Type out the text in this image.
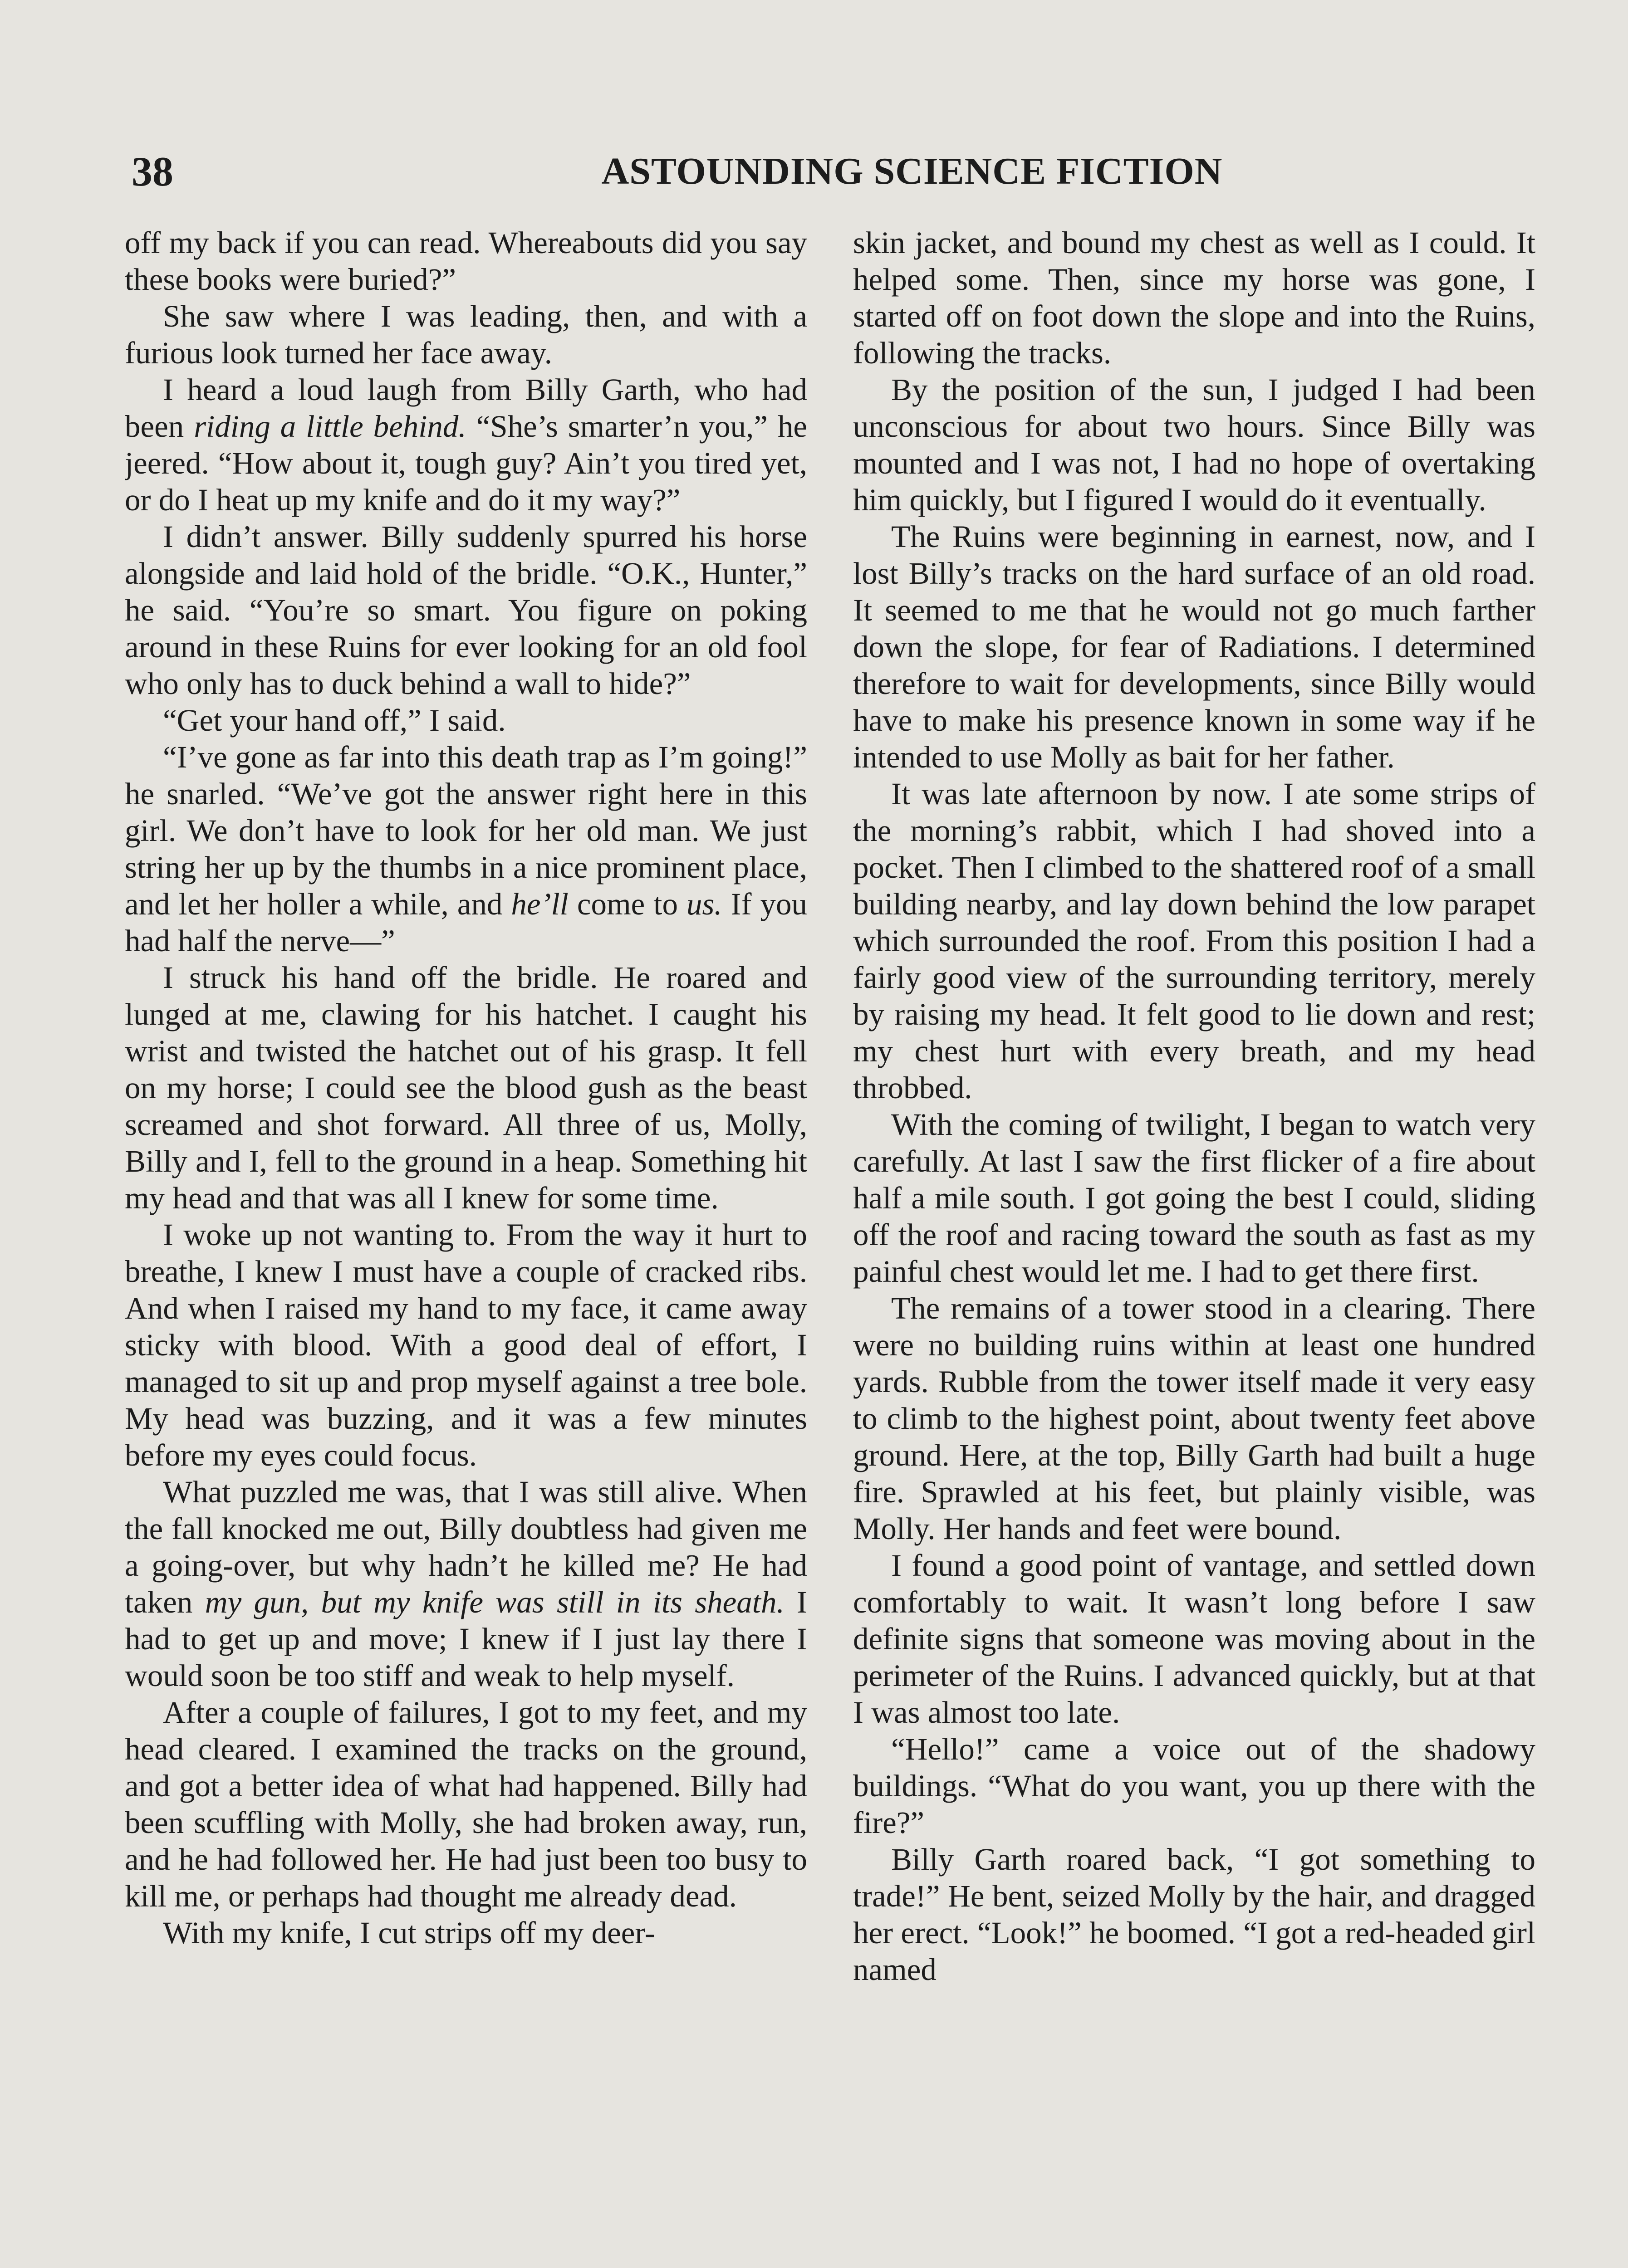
38	ASTOUNDING SCIENCE FICTION

off my back if you can read. Whereabouts did you say these books were buried?”

She saw where I was leading, then, and with a furious look turned her face away.

I heard a loud laugh from Billy Garth, who had been riding a little behind. “She’s smarter’n you,” he jeered. “How about it, tough guy? Ain’t you tired yet, or do I heat up my knife and do it my way?”

I didn’t answer. Billy suddenly spurred his horse alongside and laid hold of the bridle. “O.K., Hunter,” he said. “You’re so smart. You figure on poking around in these Ruins for ever looking for an old fool who only has to duck behind a wall to hide?”

“Get your hand off,” I said.

“I’ve gone as far into this death trap as I’m going!” he snarled. “We’ve got the answer right here in this girl. We don’t have to look for her old man. We just string her up by the thumbs in a nice prominent place, and let her holler a while, and he’ll come to us. If you had half the nerve—”

I struck his hand off the bridle. He roared and lunged at me, clawing for his hatchet. I caught his wrist and twisted the hatchet out of his grasp. It fell on my horse; I could see the blood gush as the beast screamed and shot forward. All three of us, Molly, Billy and I, fell to the ground in a heap. Something hit my head and that was all I knew for some time.

I woke up not wanting to. From the way it hurt to breathe, I knew I must have a couple of cracked ribs. And when I raised my hand to my face, it came away sticky with blood. With a good deal of effort, I managed to sit up and prop myself against a tree bole. My head was buzzing, and it was a few minutes before my eyes could focus.

What puzzled me was, that I was still alive. When the fall knocked me out, Billy doubtless had given me a going-over, but why hadn’t he killed me? He had taken my gun, but my knife was still in its sheath. I had to get up and move; I knew if I just lay there I would soon be too stiff and weak to help myself.

After a couple of failures, I got to my feet, and my head cleared. I examined the tracks on the ground, and got a better idea of what had happened. Billy had been scuffling with Molly, she had broken away, run, and he had followed her. He had just been too busy to kill me, or perhaps had thought me already dead.

With my knife, I cut strips off my deer-

skin jacket, and bound my chest as well as I could. It helped some. Then, since my horse was gone, I started off on foot down the slope and into the Ruins, following the tracks.

By the position of the sun, I judged I had been unconscious for about two hours. Since Billy was mounted and I was not, I had no hope of overtaking him quickly, but I figured I would do it eventually.

The Ruins were beginning in earnest, now, and I lost Billy’s tracks on the hard surface of an old road. It seemed to me that he would not go much farther down the slope, for fear of Radiations. I determined therefore to wait for developments, since Billy would have to make his presence known in some way if he intended to use Molly as bait for her father.

It was late afternoon by now. I ate some strips of the morning’s rabbit, which I had shoved into a pocket. Then I climbed to the shattered roof of a small building nearby, and lay down behind the low parapet which surrounded the roof. From this position I had a fairly good view of the surrounding territory, merely by raising my head. It felt good to lie down and rest; my chest hurt with every breath, and my head throbbed.

With the coming of twilight, I began to watch very carefully. At last I saw the first flicker of a fire about half a mile south. I got going the best I could, sliding off the roof and racing toward the south as fast as my painful chest would let me. I had to get there first.

The remains of a tower stood in a clearing. There were no building ruins within at least one hundred yards. Rubble from the tower itself made it very easy to climb to the highest point, about twenty feet above ground. Here, at the top, Billy Garth had built a huge fire. Sprawled at his feet, but plainly visible, was Molly. Her hands and feet were bound.

I found a good point of vantage, and settled down comfortably to wait. It wasn’t long before I saw definite signs that someone was moving about in the perimeter of the Ruins. I advanced quickly, but at that I was almost too late.

“Hello!” came a voice out of the shadowy buildings. “What do you want, you up there with the fire?”

Billy Garth roared back, “I got something to trade!” He bent, seized Molly by the hair, and dragged her erect. “Look!” he boomed. “I got a red-headed girl named
